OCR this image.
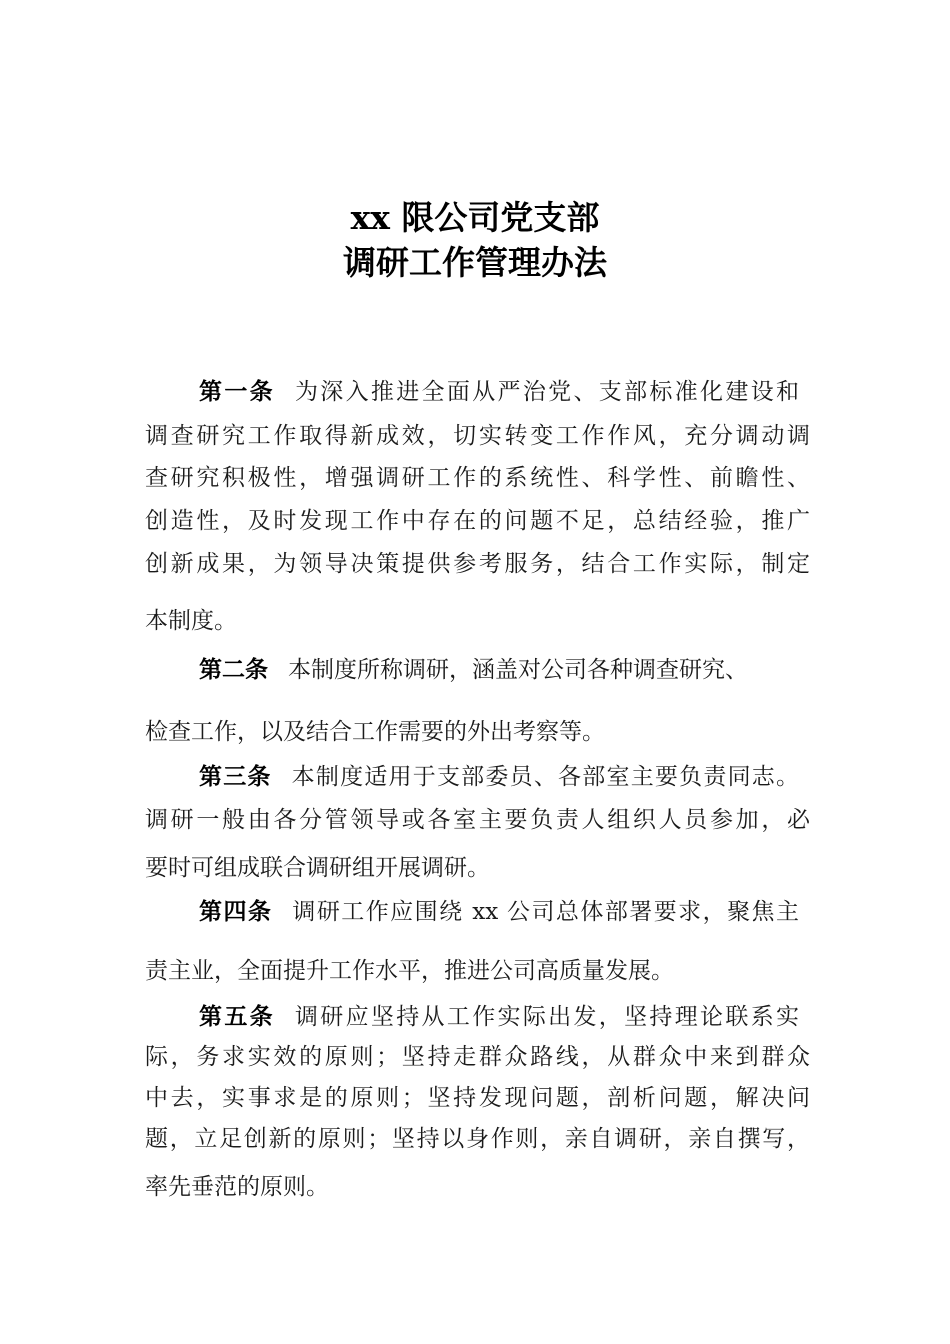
xx 限公司党支部
调研工作管理办法
第一条 为深入推进全面从严治党、支部标准化建设和
调查研究工作取得新成效，切实转变工作作风，充分调动调
查研究积极性，增强调研工作的系统性、科学性、前瞻性、
创造性，及时发现工作中存在的问题不足，总结经验，推广
创新成果，为领导决策提供参考服务，结合工作实际，制定
本制度。
第二条 本制度所称调研，涵盖对公司各种调查研究、
检查工作，以及结合工作需要的外出考察等。
第三条 本制度适用于支部委员、各部室主要负责同志。
调研一般由各分管领导或各室主要负责人组织人员参加，必
要时可组成联合调研组开展调研。
第四条 调研工作应围绕 xx 公司总体部署要求，聚焦主
责主业，全面提升工作水平，推进公司高质量发展。
第五条 调研应坚持从工作实际出发，坚持理论联系实
际，务求实效的原则；坚持走群众路线，从群众中来到群众
中去，实事求是的原则；坚持发现问题，剖析问题，解决问
题，立足创新的原则；坚持以身作则，亲自调研，亲自撰写，
率先垂范的原则。
